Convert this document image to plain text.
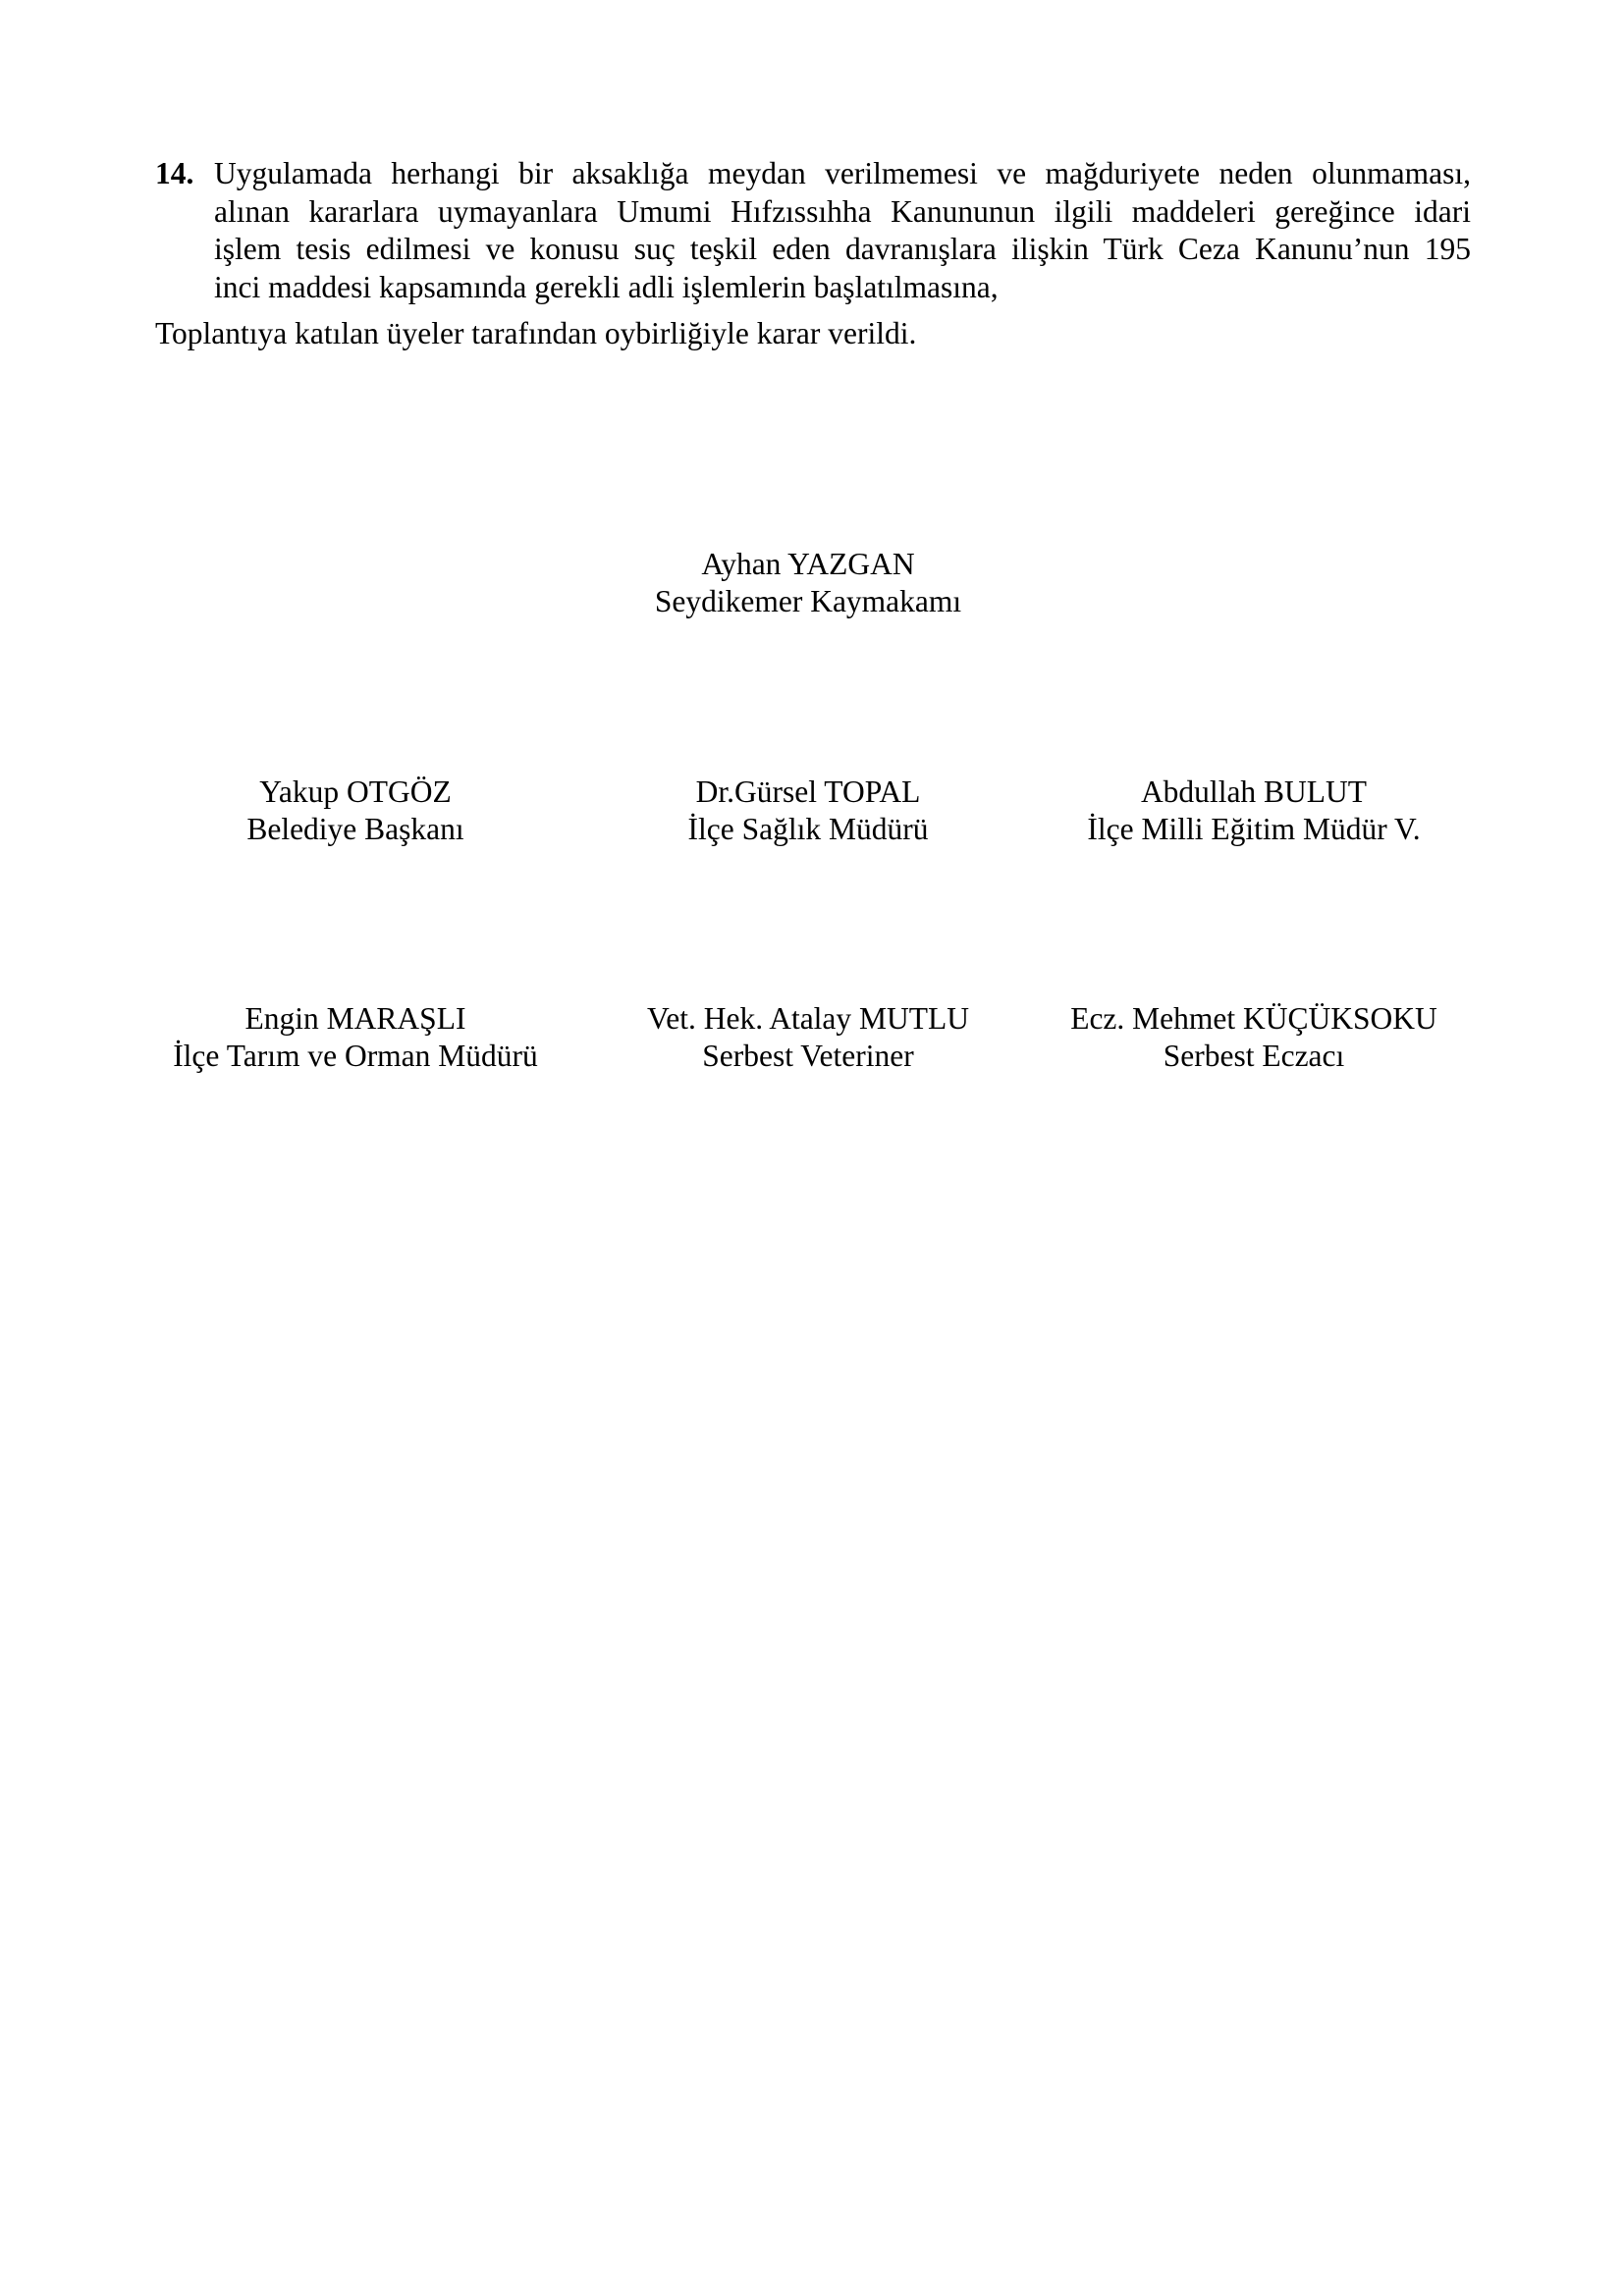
14. Uygulamada herhangi bir aksaklığa meydan verilmemesi ve mağduriyete neden olunmaması,
alınan kararlara uymayanlara Umumi Hıfzıssıhha Kanununun ilgili maddeleri gereğince idari
işlem tesis edilmesi ve konusu suç teşkil eden davranışlara ilişkin Türk Ceza Kanunu’nun 195
inci maddesi kapsamında gerekli adli işlemlerin başlatılmasına,
Toplantıya katılan üyeler tarafından oybirliğiyle karar verildi.
Ayhan YAZGAN
Seydikemer Kaymakamı
Yakup OTGÖZ
Belediye Başkanı
Dr.Gürsel TOPAL
İlçe Sağlık Müdürü
Abdullah BULUT
İlçe Milli Eğitim Müdür V.
Engin MARAŞLI
İlçe Tarım ve Orman Müdürü
Vet. Hek. Atalay MUTLU
Serbest Veteriner
Ecz. Mehmet KÜÇÜKSOKU
Serbest Eczacı
